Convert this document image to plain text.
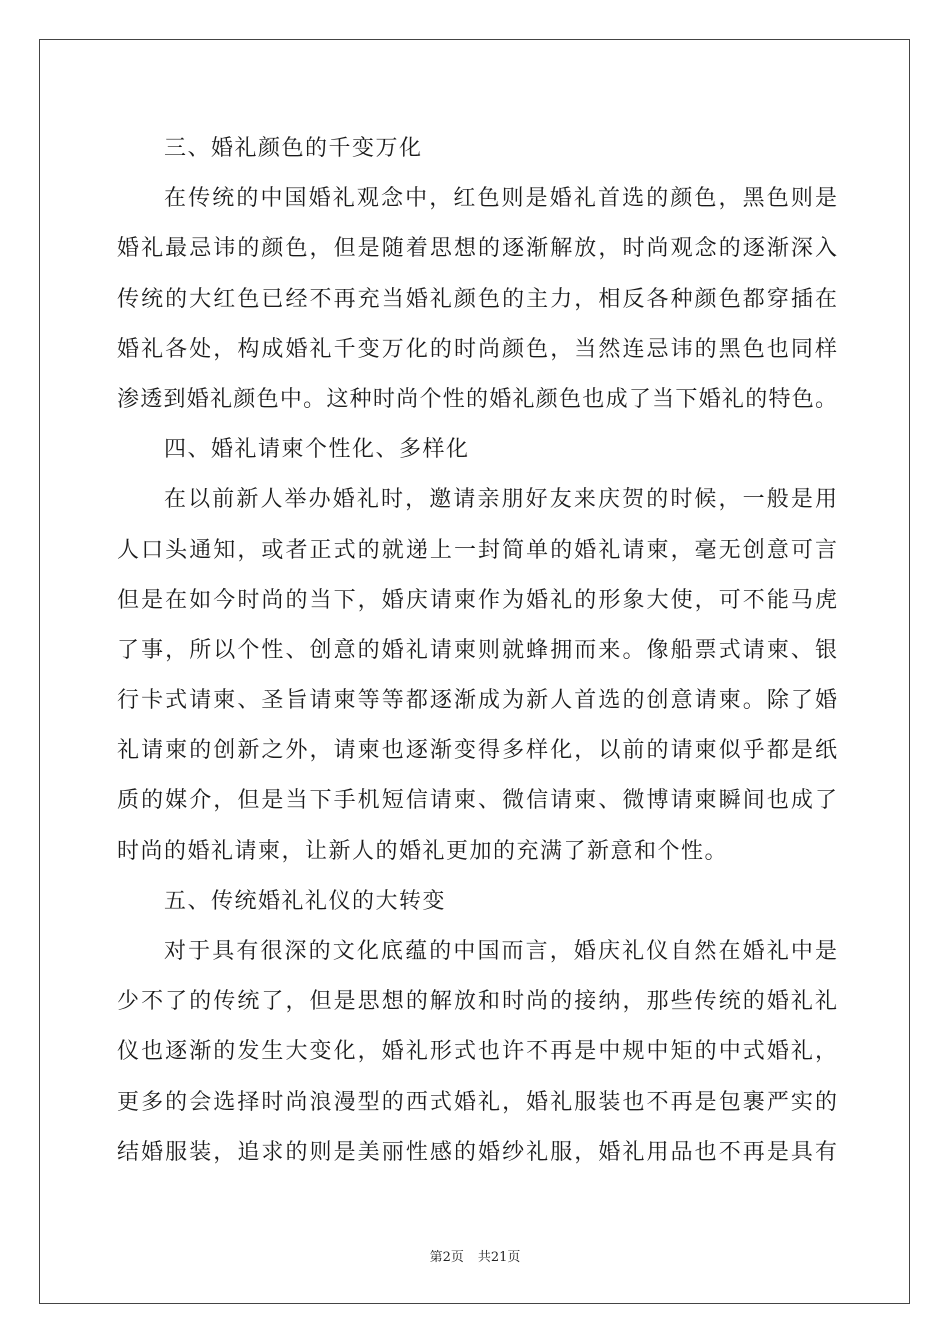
三、婚礼颜色的千变万化
在传统的中国婚礼观念中，红色则是婚礼首选的颜色，黑色则是
婚礼最忌讳的颜色，但是随着思想的逐渐解放，时尚观念的逐渐深入
传统的大红色已经不再充当婚礼颜色的主力，相反各种颜色都穿插在
婚礼各处，构成婚礼千变万化的时尚颜色，当然连忌讳的黑色也同样
渗透到婚礼颜色中。这种时尚个性的婚礼颜色也成了当下婚礼的特色。
四、婚礼请柬个性化、多样化
在以前新人举办婚礼时，邀请亲朋好友来庆贺的时候，一般是用
人口头通知，或者正式的就递上一封简单的婚礼请柬，毫无创意可言
但是在如今时尚的当下，婚庆请柬作为婚礼的形象大使，可不能马虎
了事，所以个性、创意的婚礼请柬则就蜂拥而来。像船票式请柬、银
行卡式请柬、圣旨请柬等等都逐渐成为新人首选的创意请柬。除了婚
礼请柬的创新之外，请柬也逐渐变得多样化，以前的请柬似乎都是纸
质的媒介，但是当下手机短信请柬、微信请柬、微博请柬瞬间也成了
时尚的婚礼请柬，让新人的婚礼更加的充满了新意和个性。
五、传统婚礼礼仪的大转变
对于具有很深的文化底蕴的中国而言，婚庆礼仪自然在婚礼中是
少不了的传统了，但是思想的解放和时尚的接纳，那些传统的婚礼礼
仪也逐渐的发生大变化，婚礼形式也许不再是中规中矩的中式婚礼，
更多的会选择时尚浪漫型的西式婚礼，婚礼服装也不再是包裹严实的
结婚服装，追求的则是美丽性感的婚纱礼服，婚礼用品也不再是具有
第2页 共21页
